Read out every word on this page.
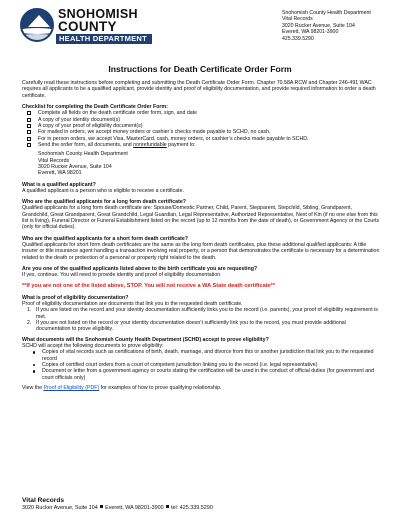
SNOHOMISH
COUNTY
HEALTH DEPARTMENT
Snohomish County Health Department
Vital Records
3020 Rucker Avenue, Suite 104
Everett, WA 98201-3900
425.339.5290
Instructions for Death Certificate Order Form

Carefully read these instructions before completing and submitting the Death Certificate Order Form. Chapter 70.58A RCW and Chapter 246-491 WAC requires all applicants to be a qualified applicant, provide identity and proof of eligibility documentation, and provide required information to order a death certificate.

Checklist for completing the Death Certificate Order Form:
Complete all fields on the death certificate order form, sign, and date
A copy of your identity document(s)
A copy of your proof of eligibility document(s)
For mailed in orders, we accept money orders or cashier’s checks made payable to SCHD, no cash.
For in person orders, we accept Visa, MasterCard, cash, money orders, or cashier’s checks made payable to SCHD.
Send the order form, all documents, and nonrefundable payment to:
Snohomish County Health Department
Vital Records
3020 Rucker Avenue, Suite 104
Everett, WA 98201

What is a qualified applicant?
A qualified applicant is a person who is eligible to receive a certificate.

Who are the qualified applicants for a long form death certificate?
Qualified applicants for a long form death certificate are: Spouse/Domestic Partner, Child, Parent, Stepparent, Stepchild, Sibling, Grandparent, Grandchild, Great Grandparent, Great Grandchild, Legal Guardian, Legal Representative, Authorized Representative, Next of Kin (if no one else from this list is living), Funeral Director or Funeral Establishment listed on the record (up to 12 months from the date of death), or Government Agency or the Courts (only for official duties).

Who are the qualified applicants for a short form death certificate?
Qualified applicants for short form death certificates are the same as the long form death certificates, plus these additional qualified applicants: A title insurer or title insurance agent handling a transaction involving real property, or a person that demonstrates the certificate is necessary for a determination related to the death or protection of a personal or property right related to the death.

Are you one of the qualified applicants listed above to the birth certificate you are requesting?
If yes, continue. You will need to provide identity and proof of eligibility documentation.

**If you are not one of the listed above, STOP. You will not receive a WA State death certificate**
What is proof of eligibility documentation?
Proof of eligibility documentation are documents that link you to the requested death certificate.
1. If you are listed on the record and your identity documentation sufficiently links you to the record (i.e. parents), your proof of eligibility requirement is met.
2. If you are not listed on the record or your identity documentation doesn’t sufficiently link you to the record, you must provide additional documentation to prove eligibility.
What documents will the Snohomish County Health Department (SCHD) accept to prove eligibility?
SCHD will accept the following documents to prove eligibility:
Copies of vital records such as certifications of birth, death, marriage, and divorce from this or another jurisdiction that link you to the requested record
Copies of certified court orders from a court of competent jurisdiction linking you to the record (i.e. legal representative)
Document or letter from a government agency or courts stating the certification will be used in the conduct of official duties (for government and court officials only)
View the Proof of Eligibility (PDF) for examples of how to prove qualifying relationship.
Vital Records
3020 Rucker Avenue, Suite 104 Everett, WA 98201-3900 tel: 425.339.5290
